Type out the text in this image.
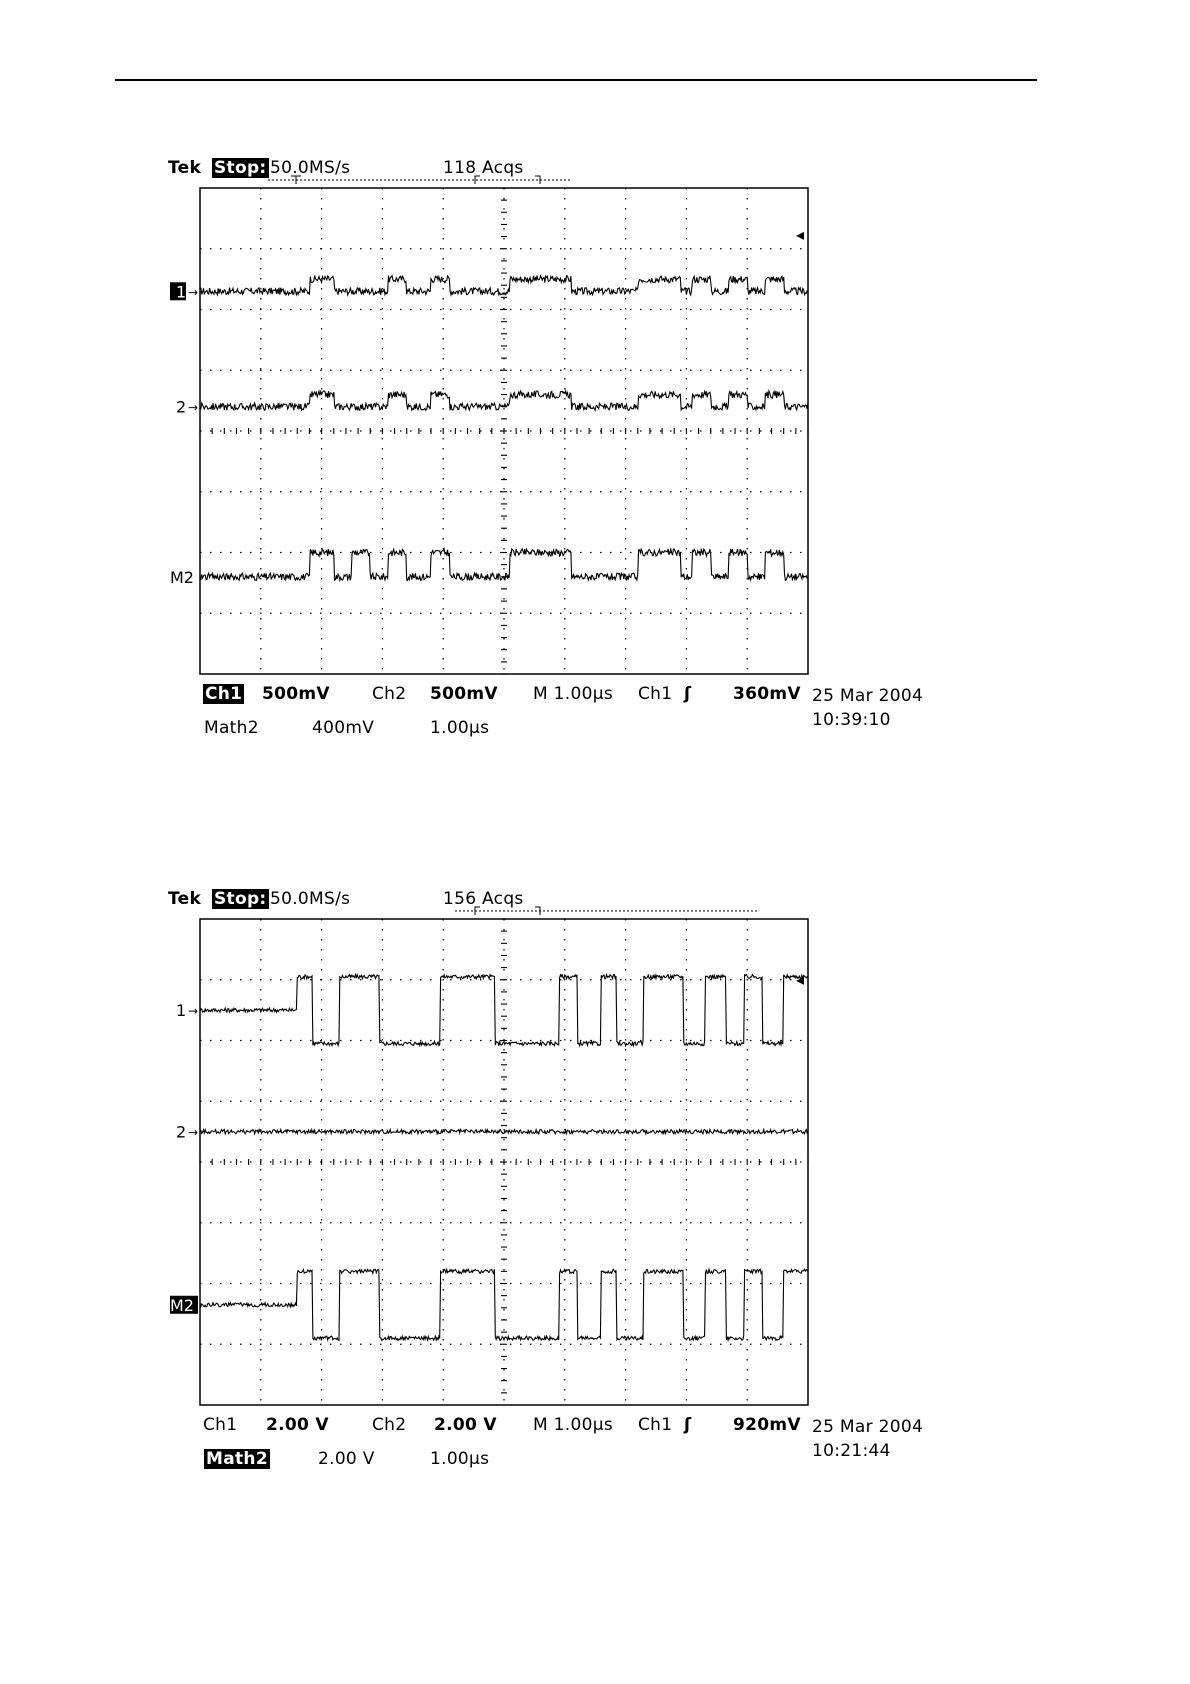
Tek Stop: 50.0MS/s	118 Acqs
◂
1 →
2 →
M2
Ch1 500mV Ch2 500mV M 1.00µs Ch1 ʃ 360mV 25 Mar 2004
10:39:10
Math2	400mV	1.00µs
Tek Stop: 50.0MS/s	156 Acqs
◂
1 →
2 →
M2
Ch1 2.00 V	Ch2 2.00 V M 1.00µs Ch1 ʃ 920mV 25 Mar 2004
10:21:44
Math2	2.00 V	1.00µs
